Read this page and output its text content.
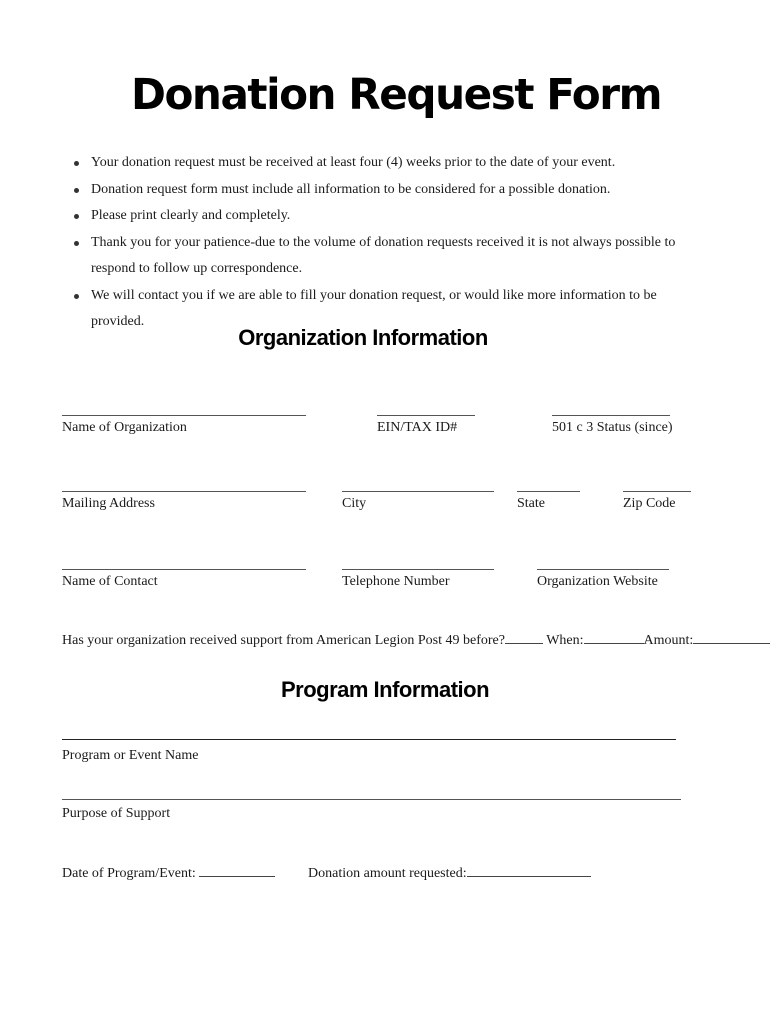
Donation Request Form
Your donation request must be received at least four (4) weeks prior to the date of your event.
Donation request form must include all information to be considered for a possible donation.
Please print clearly and completely.
Thank you for your patience-due to the volume of donation requests received it is not always possible to respond to follow up correspondence.
We will contact you if we are able to fill your donation request, or would like more information to be provided.
Organization Information
Name of Organization	EIN/TAX ID#	501 c 3 Status (since)
Mailing Address	City	State	Zip Code
Name of Contact	Telephone Number	Organization Website
Has your organization received support from American Legion Post 49 before?	When:	Amount:
Program Information
Program or Event Name
Purpose of Support
Date of Program/Event:	Donation amount requested:
